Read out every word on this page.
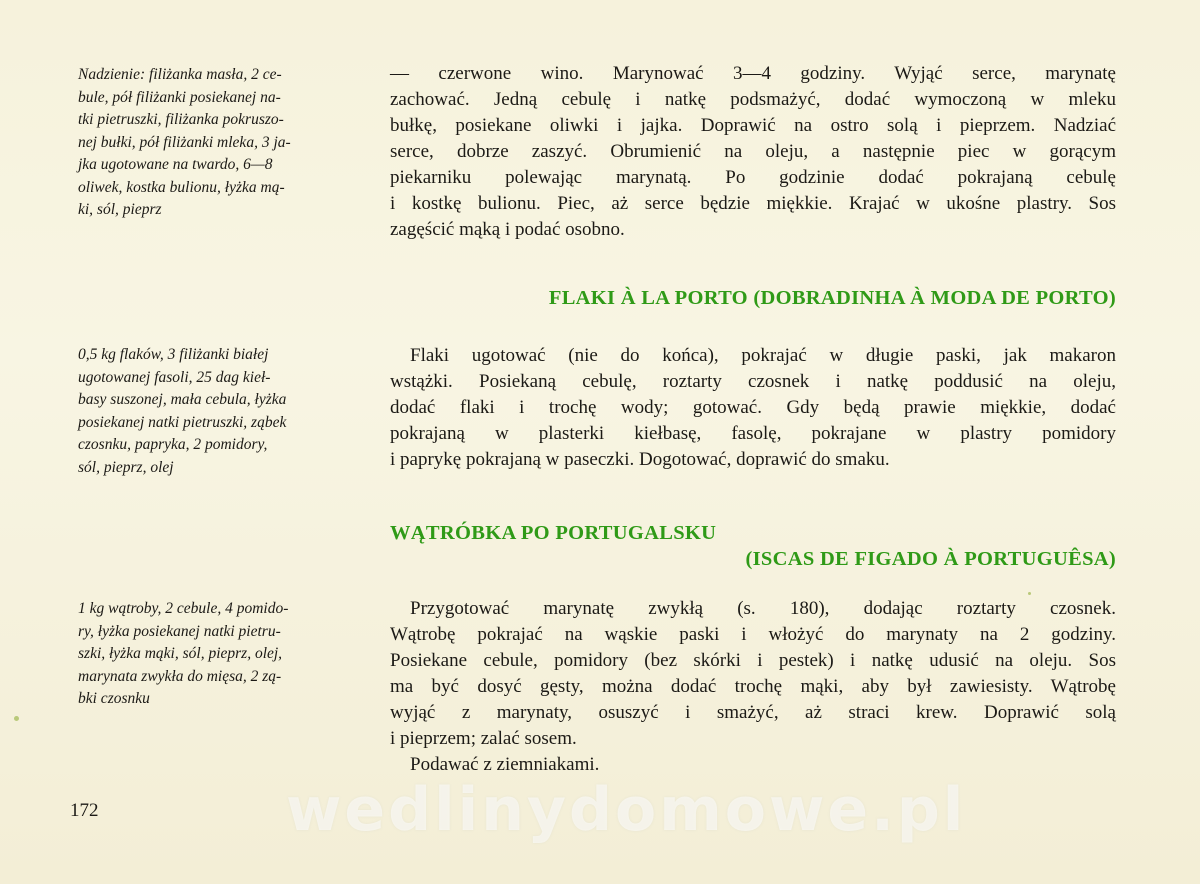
Nadzienie: filiżanka masła, 2 ce-
bule, pół filiżanki posiekanej na-
tki pietruszki, filiżanka pokruszo-
nej bułki, pół filiżanki mleka, 3 ja-
jka ugotowane na twardo, 6—8
oliwek, kostka bulionu, łyżka mą-
ki, sól, pieprz
— czerwone wino. Marynować 3—4 godziny. Wyjąć serce, marynatę
zachować. Jedną cebulę i natkę podsmażyć, dodać wymoczoną w mleku
bułkę, posiekane oliwki i jajka. Doprawić na ostro solą i pieprzem. Nadziać
serce, dobrze zaszyć. Obrumienić na oleju, a następnie piec w gorącym
piekarniku polewając marynatą. Po godzinie dodać pokrajaną cebulę
i kostkę bulionu. Piec, aż serce będzie miękkie. Krajać w ukośne plastry. Sos
zagęścić mąką i podać osobno.
FLAKI À LA PORTO (DOBRADINHA À MODA DE PORTO)
0,5 kg flaków, 3 filiżanki białej
ugotowanej fasoli, 25 dag kieł-
basy suszonej, mała cebula, łyżka
posiekanej natki pietruszki, ząbek
czosnku, papryka, 2 pomidory,
sól, pieprz, olej
Flaki ugotować (nie do końca), pokrajać w długie paski, jak makaron
wstążki. Posiekaną cebulę, roztarty czosnek i natkę poddusić na oleju,
dodać flaki i trochę wody; gotować. Gdy będą prawie miękkie, dodać
pokrajaną w plasterki kiełbasę, fasolę, pokrajane w plastry pomidory
i paprykę pokrajaną w paseczki. Dogotować, doprawić do smaku.
WĄTRÓBKA PO PORTUGALSKU
(ISCAS DE FIGADO À PORTUGUÊSA)
1 kg wątroby, 2 cebule, 4 pomido-
ry, łyżka posiekanej natki pietru-
szki, łyżka mąki, sól, pieprz, olej,
marynata zwykła do mięsa, 2 zą-
bki czosnku
Przygotować marynatę zwykłą (s. 180), dodając roztarty czosnek.
Wątrobę pokrajać na wąskie paski i włożyć do marynaty na 2 godziny.
Posiekane cebule, pomidory (bez skórki i pestek) i natkę udusić na oleju. Sos
ma być dosyć gęsty, można dodać trochę mąki, aby był zawiesisty. Wątrobę
wyjąć z marynaty, osuszyć i smażyć, aż straci krew. Doprawić solą
i pieprzem; zalać sosem.
Podawać z ziemniakami.
172	wedlinydomowe.pl
